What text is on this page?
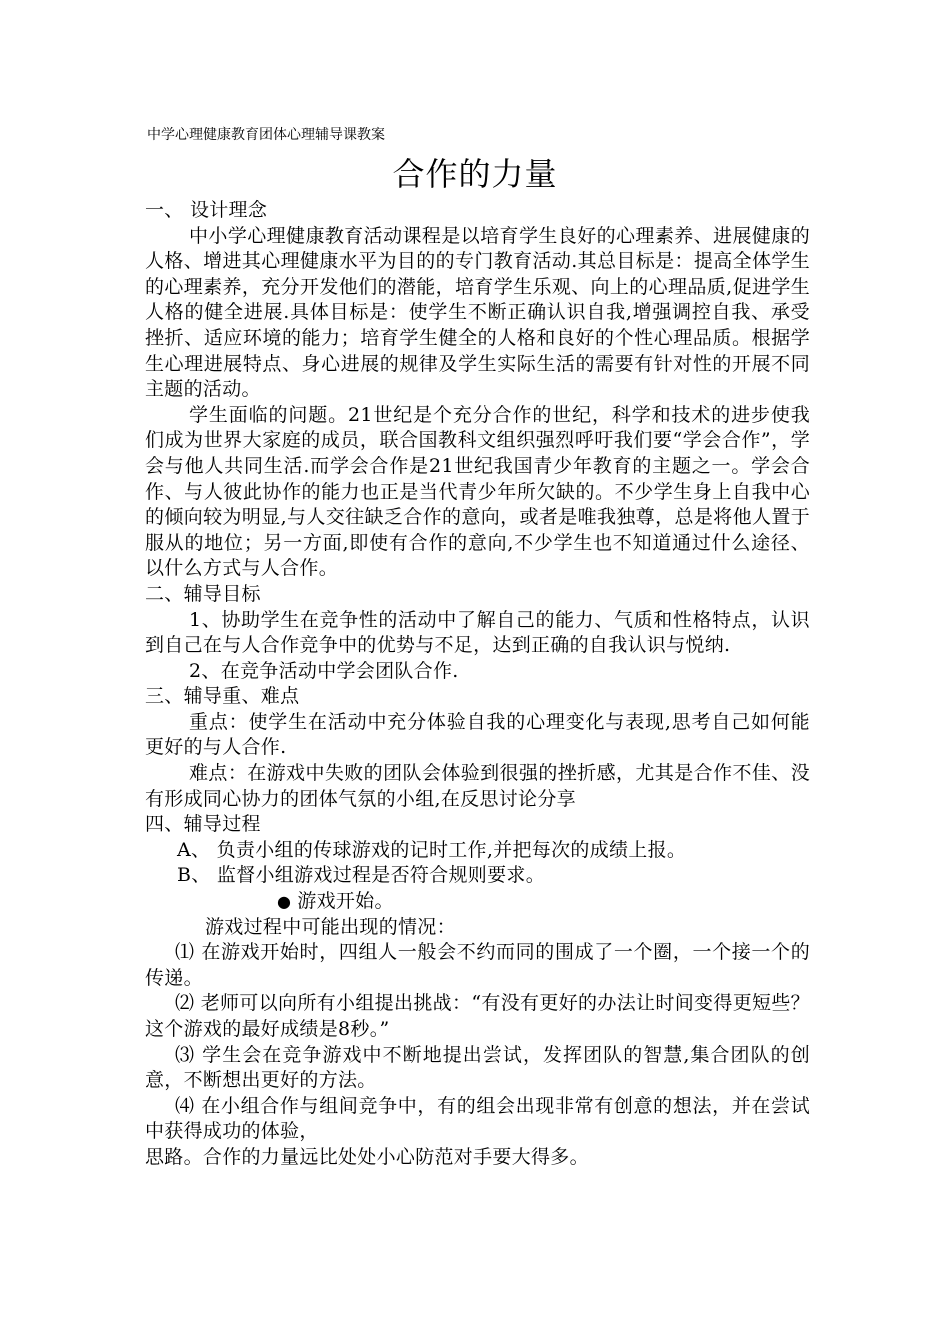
中学心理健康教育团体心理辅导课教案
合作的力量

一、 设计理念

中小学心理健康教育活动课程是以培育学生良好的心理素养、进展健康的人格、增进其心理健康水平为目的的专门教育活动.其总目标是：提高全体学生的心理素养，充分开发他们的潜能，培育学生乐观、向上的心理品质,促进学生人格的健全进展.具体目标是：使学生不断正确认识自我,增强调控自我、承受挫折、适应环境的能力；培育学生健全的人格和良好的个性心理品质。根据学生心理进展特点、身心进展的规律及学生实际生活的需要有针对性的开展不同主题的活动。

学生面临的问题。21世纪是个充分合作的世纪，科学和技术的进步使我们成为世界大家庭的成员，联合国教科文组织强烈呼吁我们要“学会合作”，学会与他人共同生活.而学会合作是21世纪我国青少年教育的主题之一。学会合作、与人彼此协作的能力也正是当代青少年所欠缺的。不少学生身上自我中心的倾向较为明显,与人交往缺乏合作的意向，或者是唯我独尊，总是将他人置于服从的地位；另一方面,即使有合作的意向,不少学生也不知道通过什么途径、以什么方式与人合作。

二、辅导目标

1、协助学生在竞争性的活动中了解自己的能力、气质和性格特点，认识到自己在与人合作竞争中的优势与不足，达到正确的自我认识与悦纳.

2、在竞争活动中学会团队合作.

三、辅导重、难点

重点：使学生在活动中充分体验自我的心理变化与表现,思考自己如何能更好的与人合作.

难点：在游戏中失败的团队会体验到很强的挫折感，尤其是合作不佳、没有形成同心协力的团体气氛的小组,在反思讨论分享

四、辅导过程

A、 负责小组的传球游戏的记时工作,并把每次的成绩上报。

B、 监督小组游戏过程是否符合规则要求。

● 游戏开始。

游戏过程中可能出现的情况：

⑴ 在游戏开始时，四组人一般会不约而同的围成了一个圈，一个接一个的传递。

⑵ 老师可以向所有小组提出挑战：“有没有更好的办法让时间变得更短些？这个游戏的最好成绩是8秒。”

⑶ 学生会在竞争游戏中不断地提出尝试，发挥团队的智慧,集合团队的创意，不断想出更好的方法。

⑷ 在小组合作与组间竞争中，有的组会出现非常有创意的想法，并在尝试中获得成功的体验，

思路。合作的力量远比处处小心防范对手要大得多。
